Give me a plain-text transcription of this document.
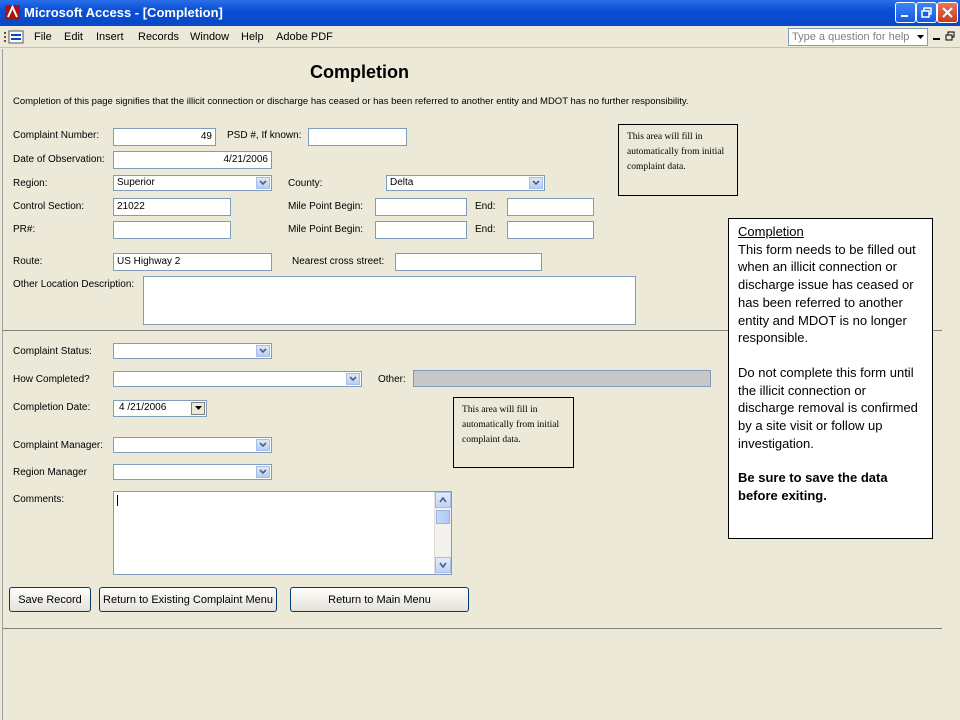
Microsoft Access - [Completion]
File Edit Insert Records Window Help Adobe PDF	Type a question for help
Completion
Completion of this page signifies that the illicit connection or discharge has ceased or has been referred to another entity and MDOT has no further responsibility.
Complaint Number:	49	PSD #, If known:	This area will fill in automatically from initial complaint data.
Date of Observation:	4/21/2006
Region:	Superior	County:	Delta
Control Section:	21022	Mile Point Begin:	End:
PR#:	Mile Point Begin:	End:
Route:	US Highway 2	Nearest cross street:
Other Location Description:
Complaint Status:
How Completed?	Other:
Completion Date:	4 /21/2006	This area will fill in automatically from initial complaint data.
Complaint Manager:
Region Manager
Comments:
Save Record	Return to Existing Complaint Menu	Return to Main Menu
Completion

This form needs to be filled out when an illicit connection or discharge issue has ceased or has been referred to another entity and MDOT is no longer responsible.

Do not complete this form until the illicit connection or discharge removal is confirmed by a site visit or follow up investigation.

Be sure to save the data before exiting.
